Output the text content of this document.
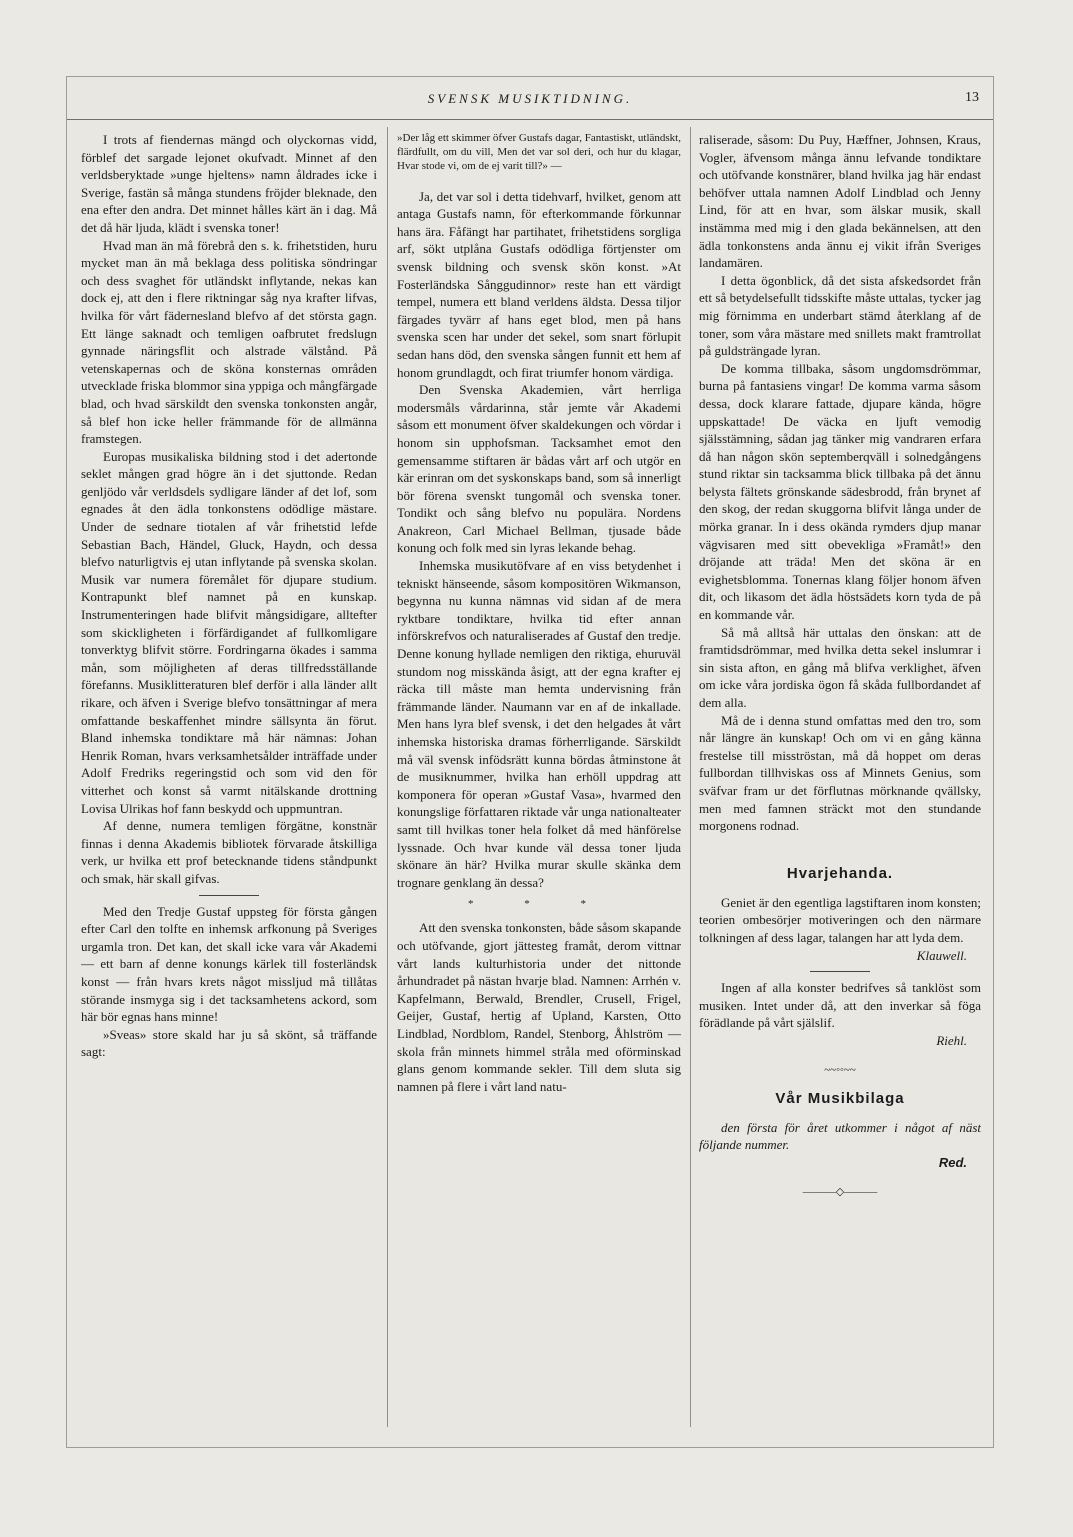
SVENSK MUSIKTIDNING.	13

I trots af fiendernas mängd och olyckornas vidd, förblef det sargade lejonet okufvadt. Minnet af den verldsberyktade »unge hjeltens» namn åldrades icke i Sverige, fastän så många stundens fröjder bleknade, den ena efter den andra. Det minnet hålles kärt än i dag. Må det då här ljuda, klädt i svenska toner!

Hvad man än må förebrå den s. k. frihetstiden, huru mycket man än må beklaga dess politiska söndringar och dess svaghet för utländskt inflytande, nekas kan dock ej, att den i flere riktningar såg nya krafter lifvas, hvilka för vårt fädernesland blefvo af det största gagn. Ett länge saknadt och temligen oafbrutet fredslugn gynnade näringsflit och alstrade välstånd. På vetenskapernas och de sköna konsternas områden utvecklade friska blommor sina yppiga och mångfärgade blad, och hvad särskildt den svenska tonkonsten angår, så blef hon icke heller främmande för de allmänna framstegen.

Europas musikaliska bildning stod i det adertonde seklet mången grad högre än i det sjuttonde. Redan genljödo vår verldsdels sydligare länder af det lof, som egnades åt den ädla tonkonstens odödlige mästare. Under de sednare tiotalen af vår frihetstid lefde Sebastian Bach, Händel, Gluck, Haydn, och dessa blefvo naturligtvis ej utan inflytande på svenska skolan. Musik var numera föremålet för djupare studium. Kontrapunkt blef namnet på en kunskap. Instrumenteringen hade blifvit mångsidigare, alltefter som skickligheten i förfärdigandet af fullkomligare tonverktyg blifvit större. Fordringarna ökades i samma mån, som möjligheten af deras tillfredsställande förefanns. Musiklitteraturen blef derför i alla länder allt rikare, och äfven i Sverige blefvo tonsättningar af mera omfattande beskaffenhet mindre sällsynta än förut. Bland inhemska tondiktare må här nämnas: Johan Henrik Roman, hvars verksamhetsålder inträffade under Adolf Fredriks regeringstid och som vid den för vitterhet och konst så varmt nitälskande drottning Lovisa Ulrikas hof fann beskydd och uppmuntran.

Af denne, numera temligen förgätne, konstnär finnas i denna Akademis bibliotek förvarade åtskilliga verk, ur hvilka ett prof betecknande tidens ståndpunkt och smak, här skall gifvas.

Med den Tredje Gustaf uppsteg för första gången efter Carl den tolfte en inhemsk arfkonung på Sveriges urgamla tron. Det kan, det skall icke vara vår Akademi — ett barn af denne konungs kärlek till fosterländsk konst — från hvars krets något missljud må tillåtas störande insmyga sig i det tacksamhetens ackord, som här bör egnas hans minne!

»Sveas» store skald har ju så skönt, så träffande sagt:

»Der låg ett skimmer öfver Gustafs dagar, Fantastiskt, utländskt, flärdfullt, om du vill, Men det var sol deri, och hur du klagar, Hvar stode vi, om de ej varit till?» —

Ja, det var sol i detta tidehvarf, hvilket, genom att antaga Gustafs namn, för efterkommande förkunnar hans ära. Fåfängt har partihatet, frihetstidens sorgliga arf, sökt utplåna Gustafs odödliga förtjenster om svensk bildning och svensk skön konst. »At Fosterländska Sånggudinnor» reste han ett värdigt tempel, numera ett bland verldens äldsta. Dessa tiljor färgades tyvärr af hans eget blod, men på hans svenska scen har under det sekel, som snart förlupit sedan hans död, den svenska sången funnit ett hem af honom grundlagdt, och firat triumfer honom värdiga.

Den Svenska Akademien, vårt herrliga modersmåls vårdarinna, står jemte vår Akademi såsom ett monument öfver skaldekungen och vördar i honom sin upphofsman. Tacksamhet emot den gemensamme stiftaren är bådas vårt arf och utgör en kär erinran om det syskonskaps band, som så innerligt bör förena svenskt tungomål och svenska toner. Tondikt och sång blefvo nu populära. Nordens Anakreon, Carl Michael Bellman, tjusade både konung och folk med sin lyras lekande behag.

Inhemska musikutöfvare af en viss betydenhet i tekniskt hänseende, såsom kompositören Wikmanson, begynna nu kunna nämnas vid sidan af de mera ryktbare tondiktare, hvilka tid efter annan införskrefvos och naturaliserades af Gustaf den tredje. Denne konung hyllade nemligen den riktiga, ehuruväl stundom nog misskända åsigt, att der egna krafter ej räcka till måste man hemta undervisning från främmande länder. Naumann var en af de inkallade. Men hans lyra blef svensk, i det den helgades åt vårt inhemska historiska dramas förherrligande. Särskildt må väl svensk infödsrätt kunna bördas åtminstone åt de musiknummer, hvilka han erhöll uppdrag att komponera för operan »Gustaf Vasa», hvarmed den konungslige författaren riktade vår unga nationalteater samt till hvilkas toner hela folket då med hänförelse lyssnade. Och hvar kunde väl dessa toner ljuda skönare än här? Hvilka murar skulle skänka dem trognare genklang än dessa?

* * *

Att den svenska tonkonsten, både såsom skapande och utöfvande, gjort jättesteg framåt, derom vittnar vårt lands kulturhistoria under det nittonde århundradet på nästan hvarje blad. Namnen: Arrhén v. Kapfelmann, Berwald, Brendler, Crusell, Frigel, Geijer, Gustaf, hertig af Upland, Karsten, Otto Lindblad, Nordblom, Randel, Stenborg, Åhlström — skola från minnets himmel stråla med oförminskad glans genom kommande sekler. Till dem sluta sig namnen på flere i vårt land natu-

raliserade, såsom: Du Puy, Hæffner, Johnsen, Kraus, Vogler, äfvensom många ännu lefvande tondiktare och utöfvande konstnärer, bland hvilka jag här endast behöfver uttala namnen Adolf Lindblad och Jenny Lind, för att en hvar, som älskar musik, skall instämma med mig i den glada bekännelsen, att den ädla tonkonstens anda ännu ej vikit ifrån Sveriges landamären.

I detta ögonblick, då det sista afskedsordet från ett så betydelsefullt tidsskifte måste uttalas, tycker jag mig förnimma en underbart stämd återklang af de toner, som våra mästare med snillets makt framtrollat på guldsträngade lyran.

De komma tillbaka, såsom ungdomsdrömmar, burna på fantasiens vingar! De komma varma såsom dessa, dock klarare fattade, djupare kända, högre uppskattade! De väcka en ljuft vemodig själsstämning, sådan jag tänker mig vandraren erfara då han någon skön septemberqväll i solnedgångens stund riktar sin tacksamma blick tillbaka på det ännu belysta fältets grönskande sädesbrodd, från brynet af den skog, der redan skuggorna blifvit långa under de mörka granar. In i dess okända rymders djup manar vägvisaren med sitt obevekliga »Framåt!» den dröjande att träda! Men det sköna är en evighetsblomma. Tonernas klang följer honom äfven dit, och likasom det ädla höstsädets korn tyda de på en kommande vår.

Så må alltså här uttalas den önskan: att de framtidsdrömmar, med hvilka detta sekel inslumrar i sin sista afton, en gång må blifva verklighet, äfven om icke våra jordiska ögon få skåda fullbordandet af dem alla.

Må de i denna stund omfattas med den tro, som når längre än kunskap! Och om vi en gång känna frestelse till misströstan, må då hoppet om deras fullbordan tillhviskas oss af Minnets Genius, som sväfvar fram ur det förflutnas mörknande qvällsky, men med famnen sträckt mot den stundande morgonens rodnad.

Hvarjehanda.

Geniet är den egentliga lagstiftaren inom konsten; teorien ombesörjer motiveringen och den närmare tolkningen af dess lagar, talangen har att lyda dem.

Klauwell.

Ingen af alla konster bedrifves så tanklöst som musiken. Intet under då, att den inverkar så föga förädlande på vårt själslif.

Riehl.
~~◦◦~~
Vår Musikbilaga

den första för året utkommer i något af näst följande nummer.

Red.
———◇———
